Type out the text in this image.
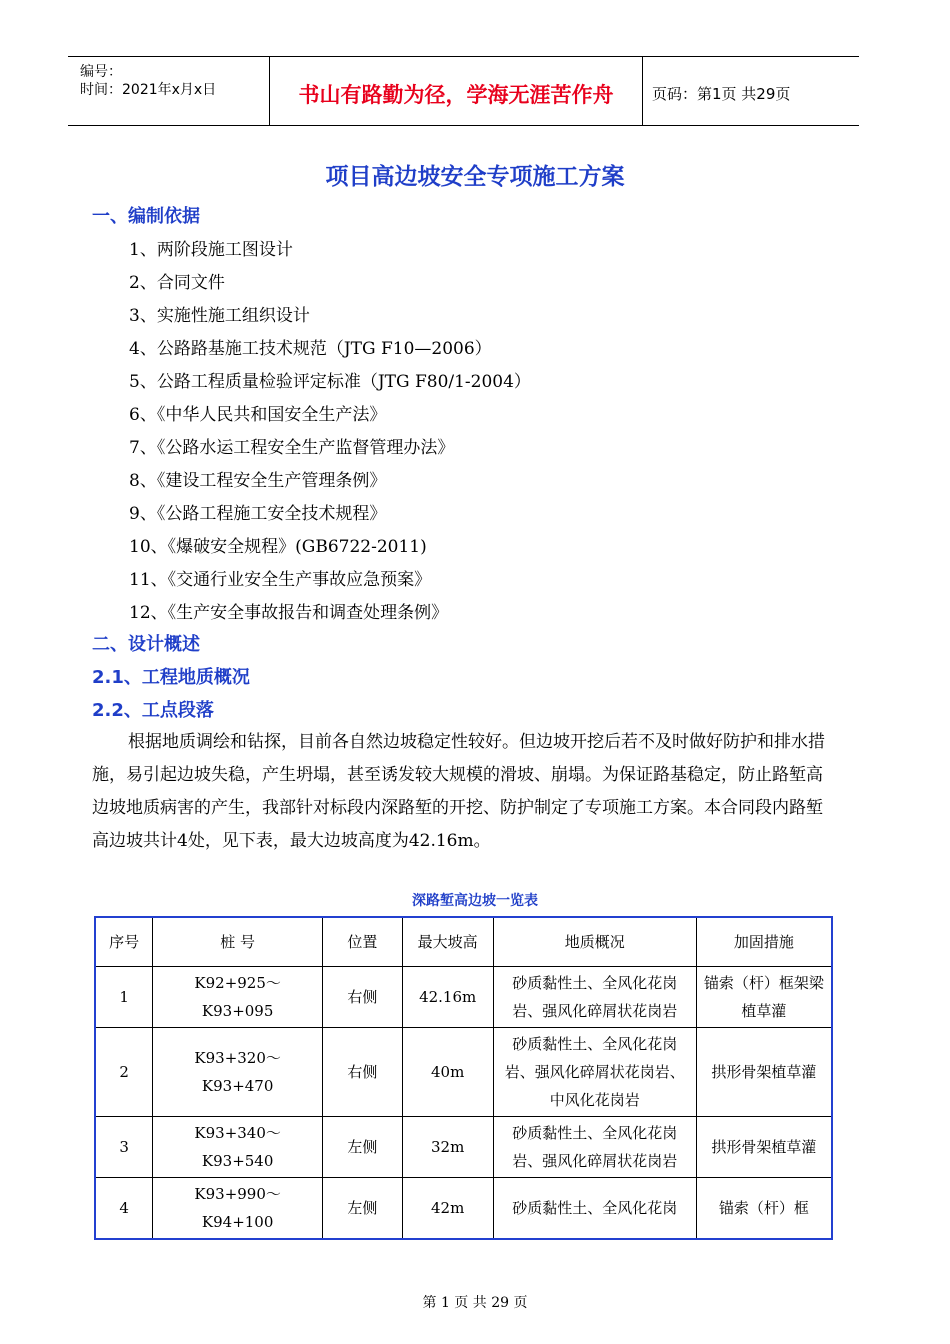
编号：
时间：2021年x月x日	书山有路勤为径，学海无涯苦作舟	页码：第1页 共29页
项目高边坡安全专项施工方案
一、编制依据
1、两阶段施工图设计
2、合同文件
3、实施性施工组织设计
4、公路路基施工技术规范（JTG F10—2006）
5、公路工程质量检验评定标准（JTG F80/1-2004）
6、《中华人民共和国安全生产法》
7、《公路水运工程安全生产监督管理办法》
8、《建设工程安全生产管理条例》
9、《公路工程施工安全技术规程》
10、《爆破安全规程》(GB6722-2011)
11、《交通行业安全生产事故应急预案》
12、《生产安全事故报告和调查处理条例》
二、设计概述
2.1、工程地质概况
2.2、工点段落

根据地质调绘和钻探，目前各自然边坡稳定性较好。但边坡开挖后若不及时做好防护和排水措施，易引起边坡失稳，产生坍塌，甚至诱发较大规模的滑坡、崩塌。为保证路基稳定，防止路堑高边坡地质病害的产生，我部针对标段内深路堑的开挖、防护制定了专项施工方案。本合同段内路堑高边坡共计4处，见下表，最大边坡高度为42.16m。

深路堑高边坡一览表
序号	桩 号	位置	最大坡高	地质概况	加固措施
1	K92+925～K93+095	右侧	42.16m	砂质黏性土、全风化花岗岩、强风化碎屑状花岗岩	锚索（杆）框架梁植草灌
2	K93+320～K93+470	右侧	40m	砂质黏性土、全风化花岗岩、强风化碎屑状花岗岩、中风化花岗岩	拱形骨架植草灌
3	K93+340～K93+540	左侧	32m	砂质黏性土、全风化花岗岩、强风化碎屑状花岗岩	拱形骨架植草灌
4	K93+990～K94+100	左侧	42m	砂质黏性土、全风化花岗	锚索（杆）框
第 1 页 共 29 页
